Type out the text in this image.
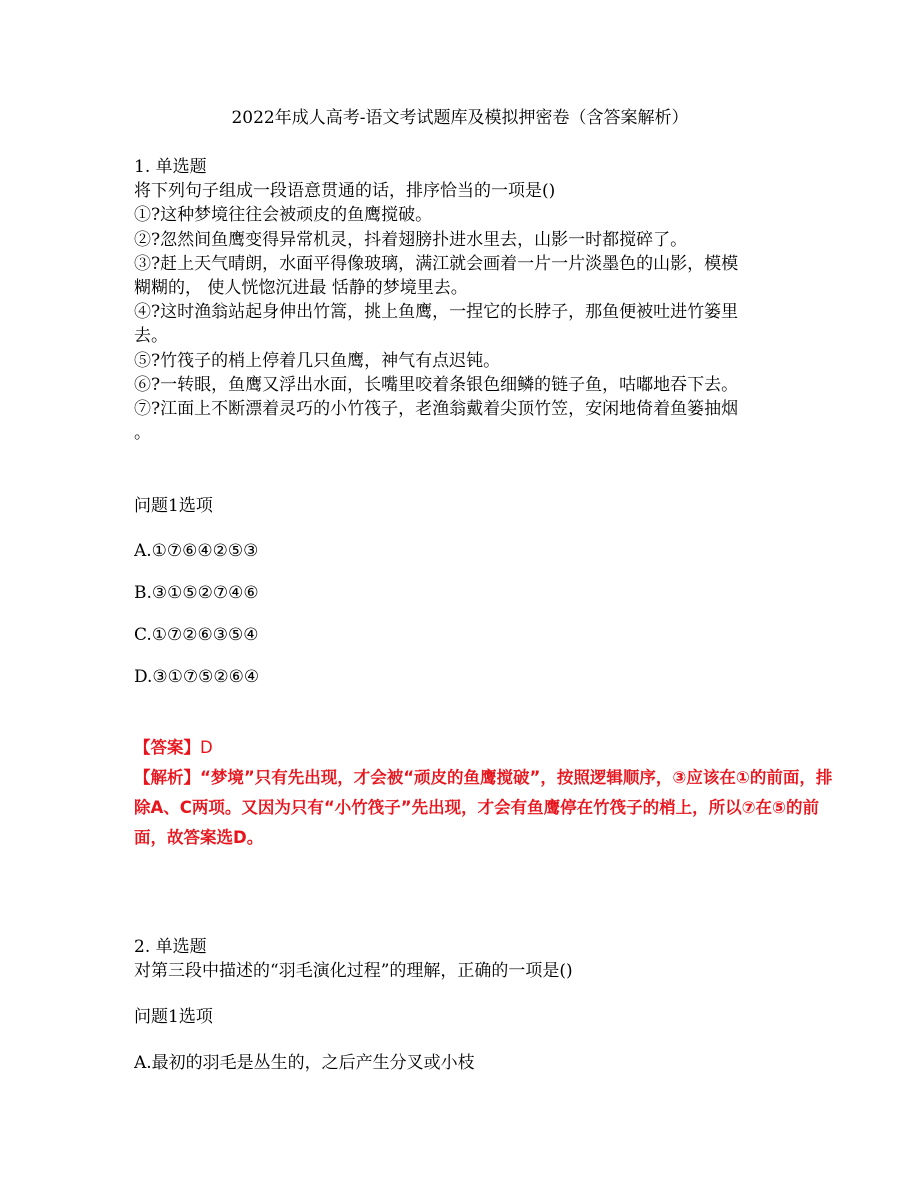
2022年成人高考-语文考试题库及模拟押密卷（含答案解析）
1. 单选题
将下列句子组成一段语意贯通的话，排序恰当的一项是()
①?这种梦境往往会被顽皮的鱼鹰搅破。
②?忽然间鱼鹰变得异常机灵，抖着翅膀扑进水里去，山影一时都搅碎了。
③?赶上天气晴朗，水面平得像玻璃，满江就会画着一片一片淡墨色的山影，模模
糊糊的， 使人恍惚沉进最 恬静的梦境里去。
④?这时渔翁站起身伸出竹篙，挑上鱼鹰，一捏它的长脖子，那鱼便被吐进竹篓里
去。
⑤?竹筏子的梢上停着几只鱼鹰，神气有点迟钝。
⑥?一转眼，鱼鹰又浮出水面，长嘴里咬着条银色细鳞的链子鱼，咕嘟地吞下去。
⑦?江面上不断漂着灵巧的小竹筏子，老渔翁戴着尖顶竹笠，安闲地倚着鱼篓抽烟
。
问题1选项
A.①⑦⑥④②⑤③
B.③①⑤②⑦④⑥
C.①⑦②⑥③⑤④
D.③①⑦⑤②⑥④
【答案】D
【解析】“梦境”只有先出现，才会被“顽皮的鱼鹰搅破”，按照逻辑顺序，③应该在①的前面，排除A、C两项。又因为只有“小竹筏子”先出现，才会有鱼鹰停在竹筏子的梢上，所以⑦在⑤的前面，故答案选D。
2. 单选题
对第三段中描述的“羽毛演化过程”的理解，正确的一项是()
问题1选项
A.最初的羽毛是丛生的，之后产生分叉或小枝
